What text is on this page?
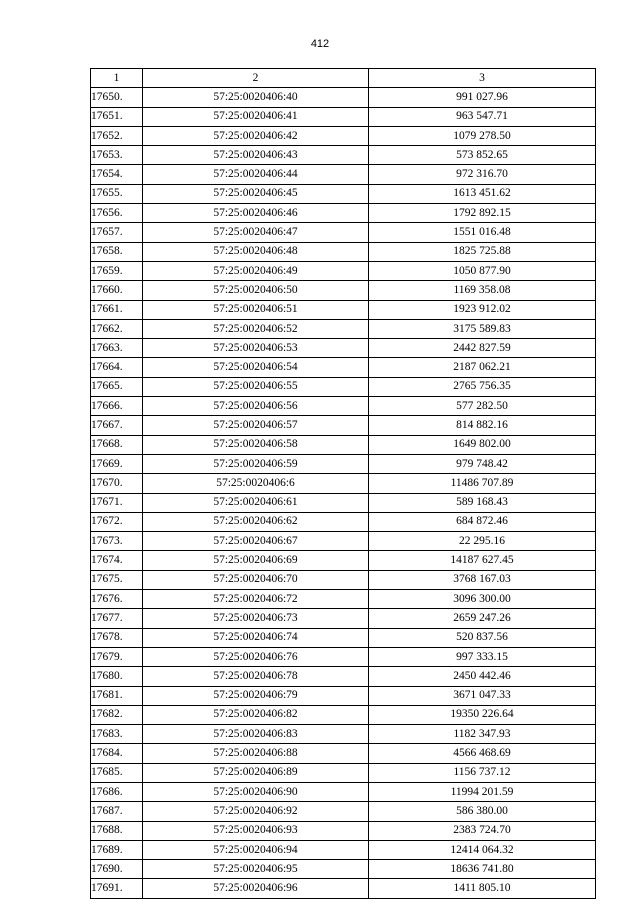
412
1	2	3
17650.	57:25:0020406:40	991 027.96
17651.	57:25:0020406:41	963 547.71
17652.	57:25:0020406:42	1079 278.50
17653.	57:25:0020406:43	573 852.65
17654.	57:25:0020406:44	972 316.70
17655.	57:25:0020406:45	1613 451.62
17656.	57:25:0020406:46	1792 892.15
17657.	57:25:0020406:47	1551 016.48
17658.	57:25:0020406:48	1825 725.88
17659.	57:25:0020406:49	1050 877.90
17660.	57:25:0020406:50	1169 358.08
17661.	57:25:0020406:51	1923 912.02
17662.	57:25:0020406:52	3175 589.83
17663.	57:25:0020406:53	2442 827.59
17664.	57:25:0020406:54	2187 062.21
17665.	57:25:0020406:55	2765 756.35
17666.	57:25:0020406:56	577 282.50
17667.	57:25:0020406:57	814 882.16
17668.	57:25:0020406:58	1649 802.00
17669.	57:25:0020406:59	979 748.42
17670.	57:25:0020406:6	11486 707.89
17671.	57:25:0020406:61	589 168.43
17672.	57:25:0020406:62	684 872.46
17673.	57:25:0020406:67	22 295.16
17674.	57:25:0020406:69	14187 627.45
17675.	57:25:0020406:70	3768 167.03
17676.	57:25:0020406:72	3096 300.00
17677.	57:25:0020406:73	2659 247.26
17678.	57:25:0020406:74	520 837.56
17679.	57:25:0020406:76	997 333.15
17680.	57:25:0020406:78	2450 442.46
17681.	57:25:0020406:79	3671 047.33
17682.	57:25:0020406:82	19350 226.64
17683.	57:25:0020406:83	1182 347.93
17684.	57:25:0020406:88	4566 468.69
17685.	57:25:0020406:89	1156 737.12
17686.	57:25:0020406:90	11994 201.59
17687.	57:25:0020406:92	586 380.00
17688.	57:25:0020406:93	2383 724.70
17689.	57:25:0020406:94	12414 064.32
17690.	57:25:0020406:95	18636 741.80
17691.	57:25:0020406:96	1411 805.10
